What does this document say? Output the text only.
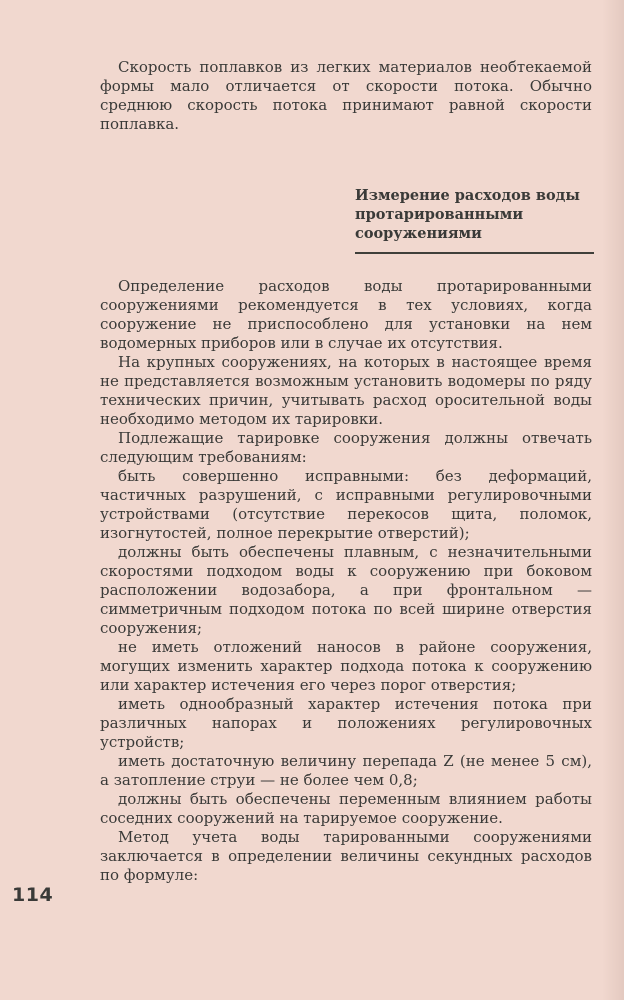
Скорость поплавков из легких материалов необтекаемой формы мало отличается от скорости потока. Обычно среднюю скорость потока принимают равной скорости поплавка.

Измерение расходов воды
протарированными
сооружениями

Определение расходов воды протарированными сооружениями рекомендуется в тех условиях, когда сооружение не приспособлено для установки на нем водомерных приборов или в случае их отсутствия.

На крупных сооружениях, на которых в настоящее время не представляется возможным установить водомеры по ряду технических причин, учитывать расход оросительной воды необходимо методом их тарировки.

Подлежащие тарировке сооружения должны отвечать следующим требованиям:

быть совершенно исправными: без деформаций, частичных разрушений, с исправными регулировочными устройствами (отсутствие перекосов щита, поломок, изогнутостей, полное перекрытие отверстий);

должны быть обеспечены плавным, с незначительными скоростями подходом воды к сооружению при боковом расположении водозабора, а при фронтальном — симметричным подходом потока по всей ширине отверстия сооружения;

не иметь отложений наносов в районе сооружения, могущих изменить характер подхода потока к сооружению или характер истечения его через порог отверстия;

иметь однообразный характер истечения потока при различных напорах и положениях регулировочных устройств;

иметь достаточную величину перепада Z (не менее 5 см), а затопление струи — не более чем 0,8;

должны быть обеспечены переменным влиянием работы соседних сооружений на тарируемое сооружение.

Метод учета воды тарированными сооружениями заключается в определении величины секундных расходов по формуле:

114
